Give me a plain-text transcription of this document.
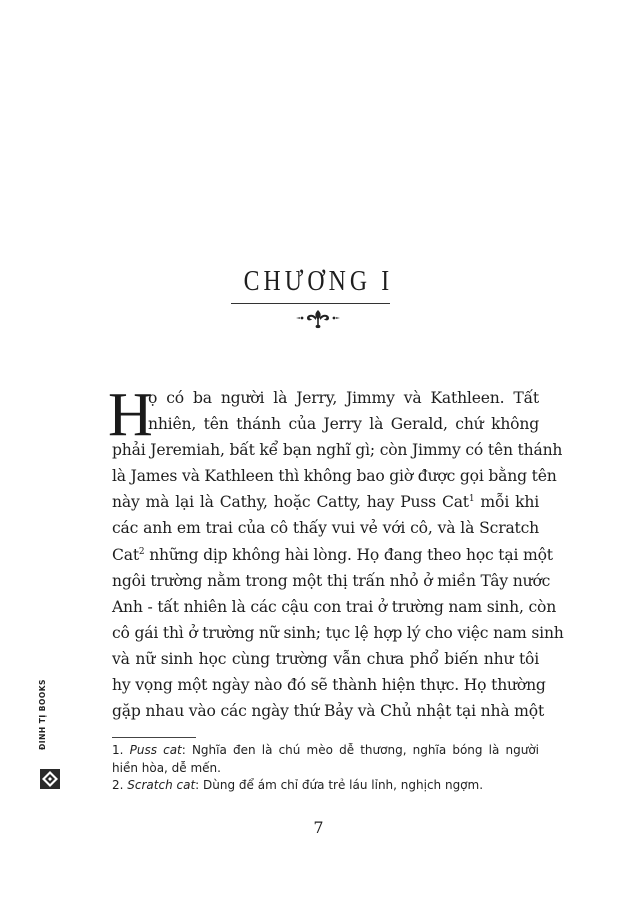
CHƯƠNG I
H
ọ có ba người là Jerry, Jimmy và Kathleen. Tất
nhiên, tên thánh của Jerry là Gerald, chứ không
phải Jeremiah, bất kể bạn nghĩ gì; còn Jimmy có tên thánh
là James và Kathleen thì không bao giờ được gọi bằng tên
này mà lại là Cathy, hoặc Catty, hay Puss Cat$^1$ mỗi khi
các anh em trai của cô thấy vui vẻ với cô, và là Scratch
Cat$^2$ những dịp không hài lòng. Họ đang theo học tại một
ngôi trường nằm trong một thị trấn nhỏ ở miền Tây nước
Anh - tất nhiên là các cậu con trai ở trường nam sinh, còn
cô gái thì ở trường nữ sinh; tục lệ hợp lý cho việc nam sinh
và nữ sinh học cùng trường vẫn chưa phổ biến như tôi
hy vọng một ngày nào đó sẽ thành hiện thực. Họ thường
gặp nhau vào các ngày thứ Bảy và Chủ nhật tại nhà một
1. Puss cat: Nghĩa đen là chú mèo dễ thương, nghĩa bóng là người
hiền hòa, dễ mến.
2. Scratch cat: Dùng để ám chỉ đứa trẻ láu lỉnh, nghịch ngợm.
7
ĐINH TỊ BOOKS
